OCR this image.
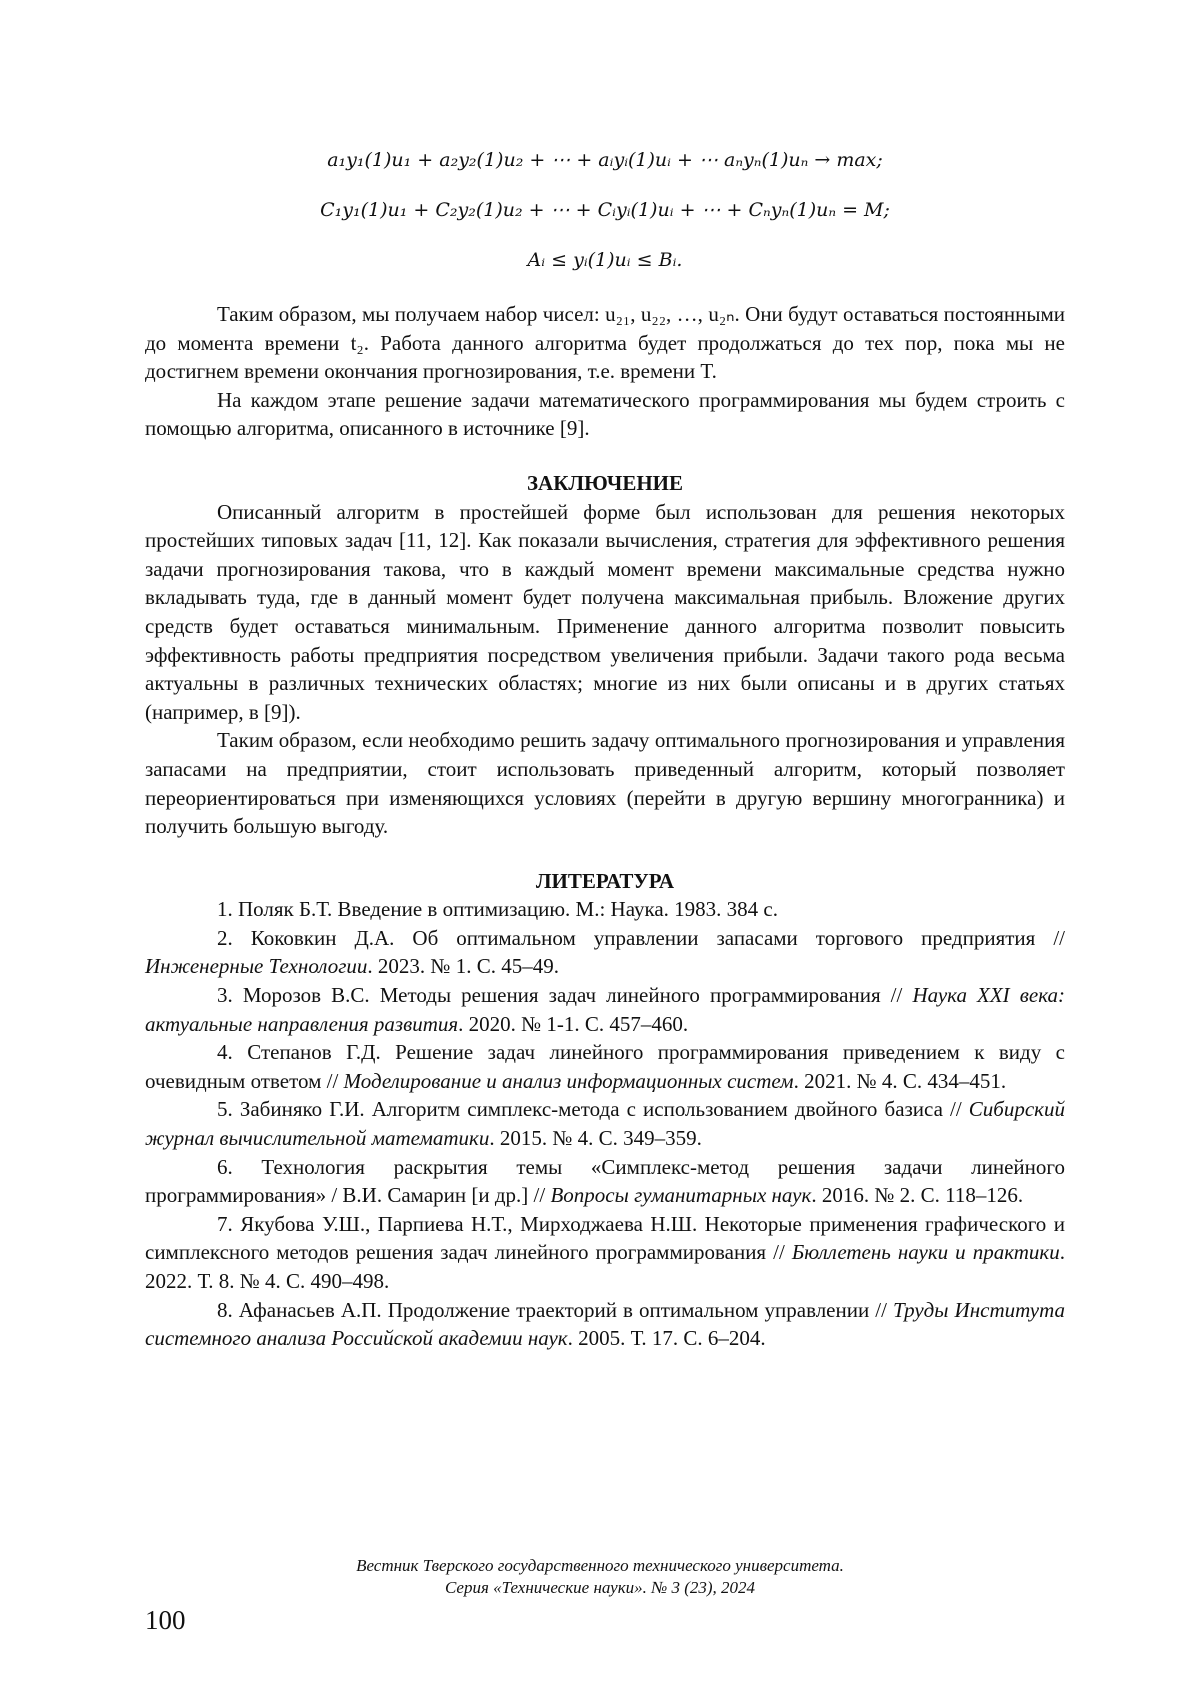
a₁y₁(1)u₁ + a₂y₂(1)u₂ + ⋯ + aᵢyᵢ(1)uᵢ + ⋯ aₙyₙ(1)uₙ → max;
C₁y₁(1)u₁ + C₂y₂(1)u₂ + ⋯ + Cᵢyᵢ(1)uᵢ + ⋯ + Cₙyₙ(1)uₙ = M;
Aᵢ ≤ yᵢ(1)uᵢ ≤ Bᵢ.

Таким образом, мы получаем набор чисел: u₂₁, u₂₂, …, u₂ₙ. Они будут оставаться постоянными до момента времени t₂. Работа данного алгоритма будет продолжаться до тех пор, пока мы не достигнем времени окончания прогнозирования, т.е. времени T.

На каждом этапе решение задачи математического программирования мы будем строить с помощью алгоритма, описанного в источнике [9].

ЗАКЛЮЧЕНИЕ

Описанный алгоритм в простейшей форме был использован для решения некоторых простейших типовых задач [11, 12]. Как показали вычисления, стратегия для эффективного решения задачи прогнозирования такова, что в каждый момент времени максимальные средства нужно вкладывать туда, где в данный момент будет получена максимальная прибыль. Вложение других средств будет оставаться минимальным. Применение данного алгоритма позволит повысить эффективность работы предприятия посредством увеличения прибыли. Задачи такого рода весьма актуальны в различных технических областях; многие из них были описаны и в других статьях (например, в [9]).

Таким образом, если необходимо решить задачу оптимального прогнозирования и управления запасами на предприятии, стоит использовать приведенный алгоритм, который позволяет переориентироваться при изменяющихся условиях (перейти в другую вершину многогранника) и получить большую выгоду.

ЛИТЕРАТУРА

1. Поляк Б.Т. Введение в оптимизацию. М.: Наука. 1983. 384 с.

2. Коковкин Д.А. Об оптимальном управлении запасами торгового предприятия // Инженерные Технологии. 2023. № 1. С. 45–49.

3. Морозов В.С. Методы решения задач линейного программирования // Наука XXI века: актуальные направления развития. 2020. № 1-1. С. 457–460.

4. Степанов Г.Д. Решение задач линейного программирования приведением к виду с очевидным ответом // Моделирование и анализ информационных систем. 2021. № 4. С. 434–451.

5. Забиняко Г.И. Алгоритм симплекс-метода с использованием двойного базиса // Сибирский журнал вычислительной математики. 2015. № 4. С. 349–359.

6. Технология раскрытия темы «Симплекс-метод решения задачи линейного программирования» / В.И. Самарин [и др.] // Вопросы гуманитарных наук. 2016. № 2. С. 118–126.

7. Якубова У.Ш., Парпиева Н.Т., Мирходжаева Н.Ш. Некоторые применения графического и симплексного методов решения задач линейного программирования // Бюллетень науки и практики. 2022. Т. 8. № 4. С. 490–498.

8. Афанасьев А.П. Продолжение траекторий в оптимальном управлении // Труды Института системного анализа Российской академии наук. 2005. Т. 17. С. 6–204.

Вестник Тверского государственного технического университета.
Серия «Технические науки». № 3 (23), 2024
100
